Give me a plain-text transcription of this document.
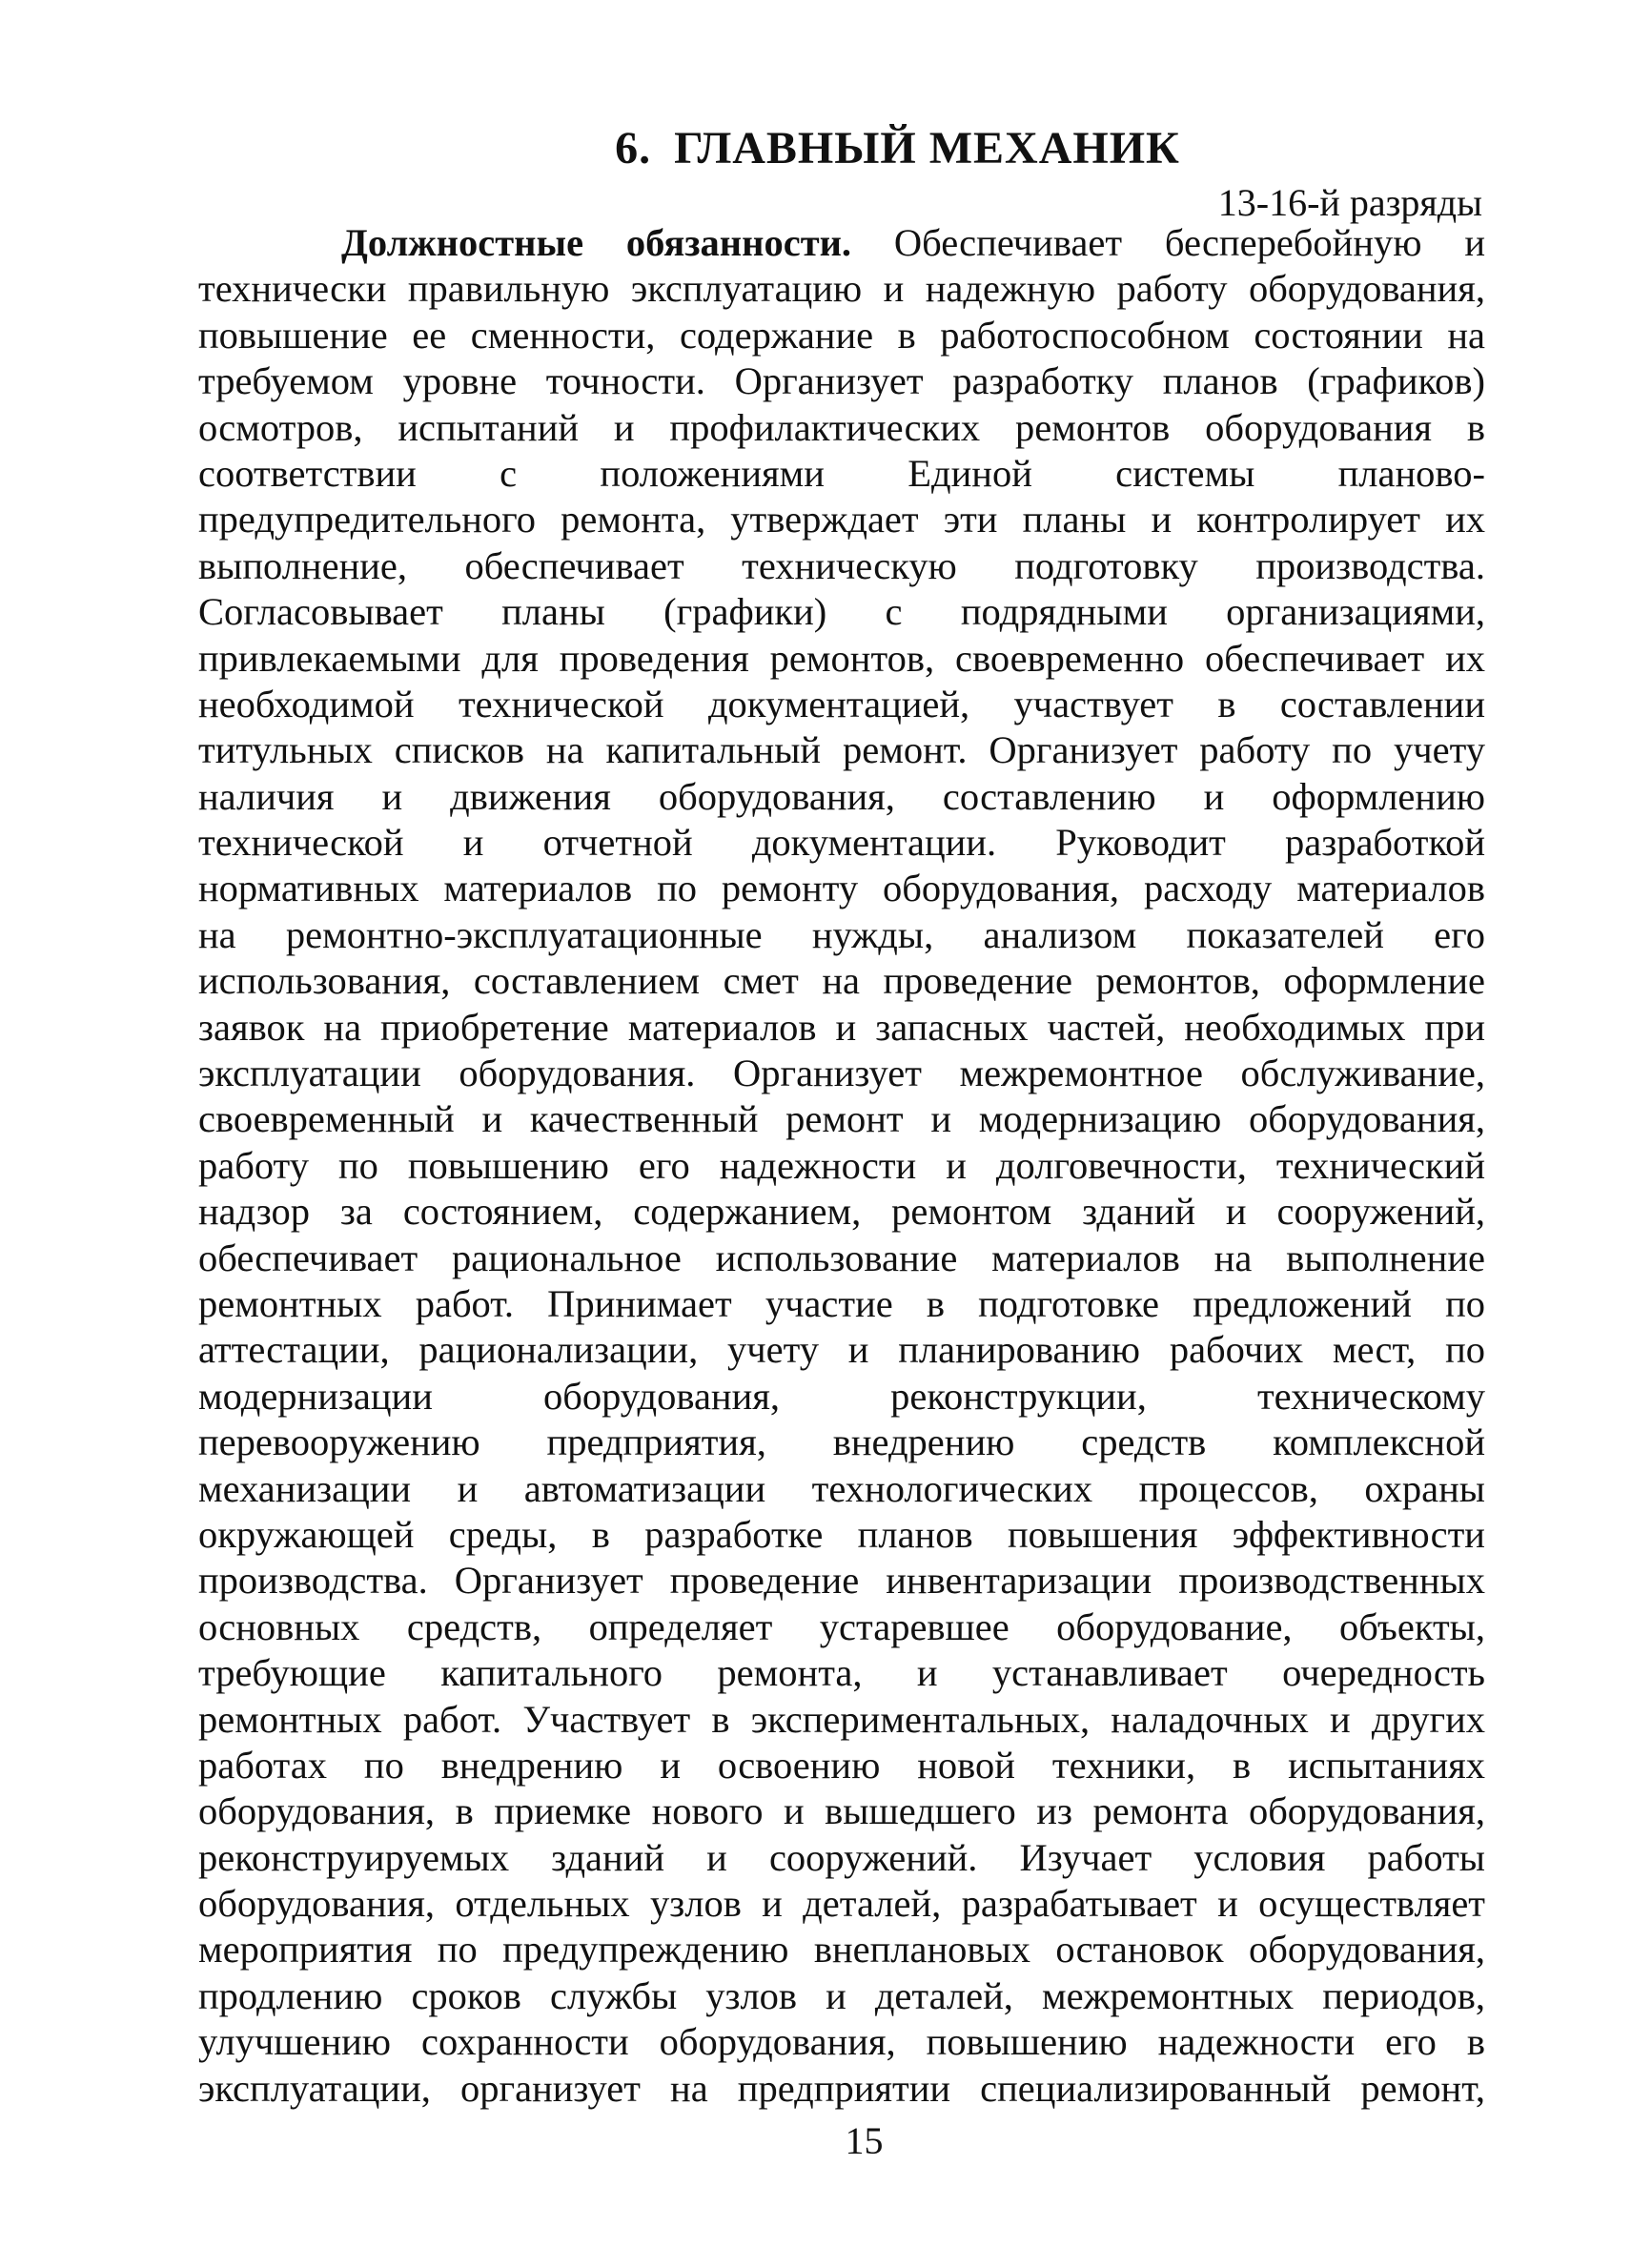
6. ГЛАВНЫЙ МЕХАНИК
13-16-й разряды
Должностные обязанности. Обеспечивает бесперебойную и
технически правильную эксплуатацию и надежную работу оборудования,
повышение ее сменности, содержание в работоспособном состоянии на
требуемом уровне точности. Организует разработку планов (графиков)
осмотров, испытаний и профилактических ремонтов оборудования в
соответствии с положениями Единой системы планово-
предупредительного ремонта, утверждает эти планы и контролирует их
выполнение, обеспечивает техническую подготовку производства.
Согласовывает планы (графики) с подрядными организациями,
привлекаемыми для проведения ремонтов, своевременно обеспечивает их
необходимой технической документацией, участвует в составлении
титульных списков на капитальный ремонт. Организует работу по учету
наличия и движения оборудования, составлению и оформлению
технической и отчетной документации. Руководит разработкой
нормативных материалов по ремонту оборудования, расходу материалов
на ремонтно-эксплуатационные нужды, анализом показателей его
использования, составлением смет на проведение ремонтов, оформление
заявок на приобретение материалов и запасных частей, необходимых при
эксплуатации оборудования. Организует межремонтное обслуживание,
своевременный и качественный ремонт и модернизацию оборудования,
работу по повышению его надежности и долговечности, технический
надзор за состоянием, содержанием, ремонтом зданий и сооружений,
обеспечивает рациональное использование материалов на выполнение
ремонтных работ. Принимает участие в подготовке предложений по
аттестации, рационализации, учету и планированию рабочих мест, по
модернизации оборудования, реконструкции, техническому
перевооружению предприятия, внедрению средств комплексной
механизации и автоматизации технологических процессов, охраны
окружающей среды, в разработке планов повышения эффективности
производства. Организует проведение инвентаризации производственных
основных средств, определяет устаревшее оборудование, объекты,
требующие капитального ремонта, и устанавливает очередность
ремонтных работ. Участвует в экспериментальных, наладочных и других
работах по внедрению и освоению новой техники, в испытаниях
оборудования, в приемке нового и вышедшего из ремонта оборудования,
реконструируемых зданий и сооружений. Изучает условия работы
оборудования, отдельных узлов и деталей, разрабатывает и осуществляет
мероприятия по предупреждению внеплановых остановок оборудования,
продлению сроков службы узлов и деталей, межремонтных периодов,
улучшению сохранности оборудования, повышению надежности его в
эксплуатации, организует на предприятии специализированный ремонт,
15
